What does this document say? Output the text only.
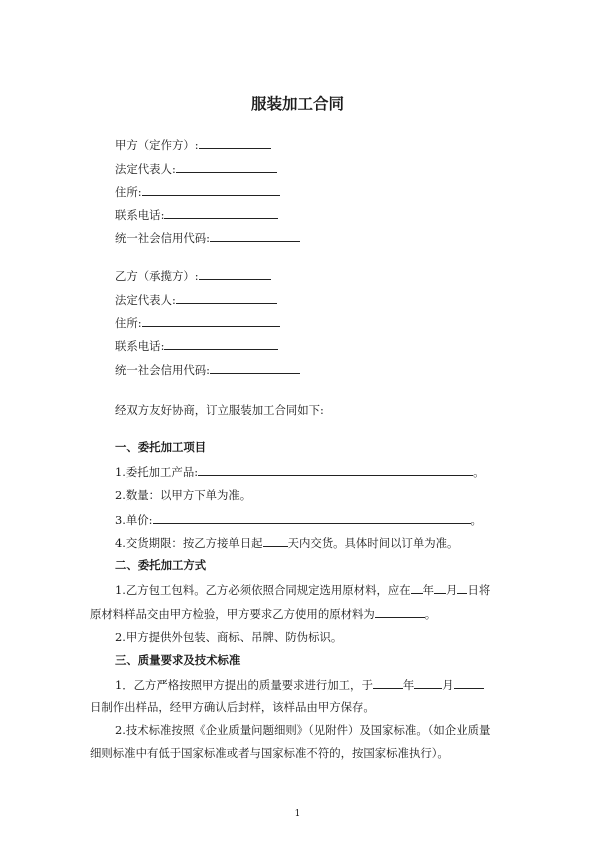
服装加工合同
甲方（定作方）:
法定代表人:
住所:
联系电话:
统一社会信用代码:
乙方（承揽方）:
法定代表人:
住所:
联系电话:
统一社会信用代码:
经双方友好协商，订立服装加工合同如下:
一、委托加工项目
1.委托加工产品:	。
2.数量：以甲方下单为准。
3.单价:	。
4.交货期限：按乙方接单日起 天内交货。具体时间以订单为准。
二、委托加工方式
1.乙方包工包料。乙方必须依照合同规定选用原材料，应在 年 月 日将
原材料样品交由甲方检验，甲方要求乙方使用的原材料为	。
2.甲方提供外包装、商标、吊牌、防伪标识。
三、质量要求及技术标准
1．乙方严格按照甲方提出的质量要求进行加工，于	年 月
日制作出样品，经甲方确认后封样，该样品由甲方保存。
2.技术标准按照《企业质量问题细则》（见附件）及国家标准。（如企业质量
细则标准中有低于国家标准或者与国家标准不符的，按国家标准执行）。
1
